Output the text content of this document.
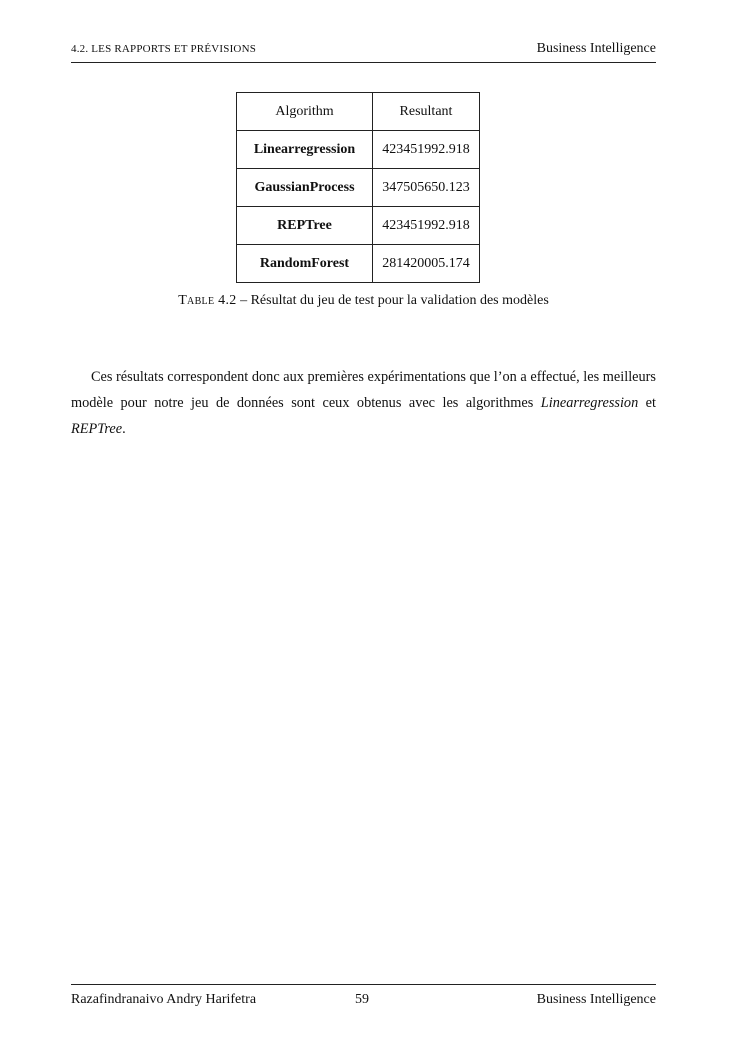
4.2. LES RAPPORTS ET PRÉVISIONS	Business Intelligence
Algorithm	Resultant
Linearregression	423451992.918
GaussianProcess	347505650.123
REPTree	423451992.918
RandomForest	281420005.174
Table 4.2 – Résultat du jeu de test pour la validation des modèles

Ces résultats correspondent donc aux premières expérimentations que l’on a effectué, les meilleurs modèle pour notre jeu de données sont ceux obtenus avec les algorithmes Linearregression et REPTree.

Razafindranaivo Andry Harifetra	59	Business Intelligence
